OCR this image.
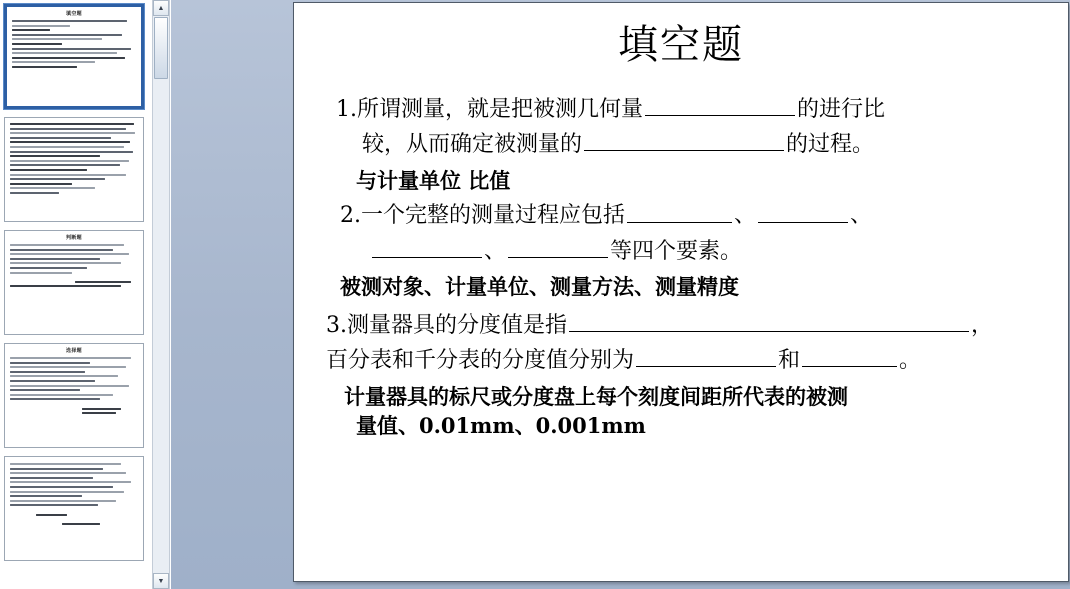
填空题
判断题
选择题
▲
▼
填空题
1.所谓测量，就是把被测几何量	的进行比
较，从而确定被测量的	的过程。
与计量单位 比值
2.一个完整的测量过程应包括	、	、
、	等四个要素。
被测对象、计量单位、测量方法、测量精度
3.测量器具的分度值是指	，
百分表和千分表的分度值分别为	和	。
计量器具的标尺或分度盘上每个刻度间距所代表的被测
量值、0.01mm、0.001mm
